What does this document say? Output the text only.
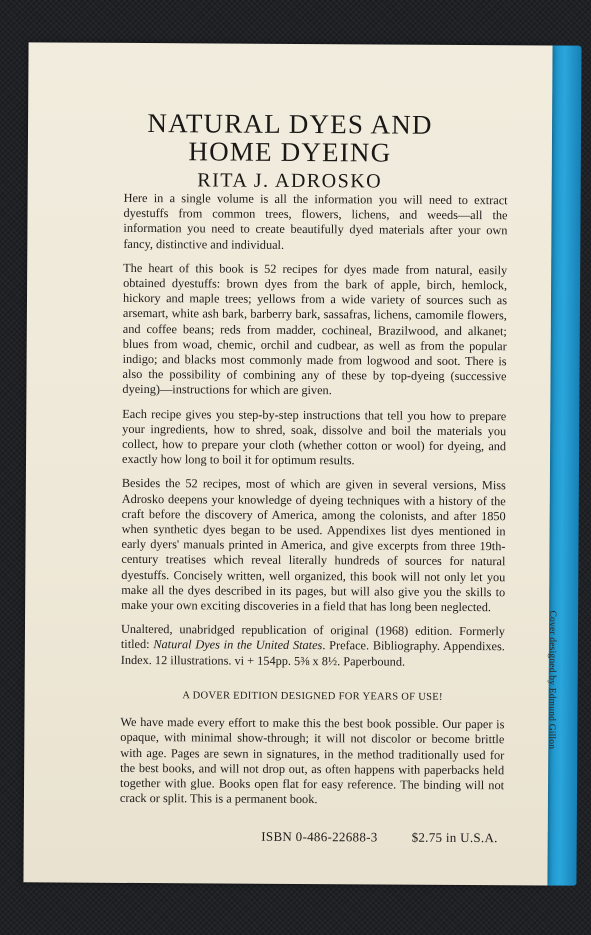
NATURAL DYES AND
HOME DYEING
RITA J. ADROSKO

Here in a single volume is all the information you will need to extract dyestuffs from common trees, flowers, lichens, and weeds—all the information you need to create beautifully dyed materials after your own fancy, distinctive and individual.

The heart of this book is 52 recipes for dyes made from natural, easily obtained dyestuffs: brown dyes from the bark of apple, birch, hemlock, hickory and maple trees; yellows from a wide variety of sources such as arsemart, white ash bark, barberry bark, sassafras, lichens, camomile flowers, and coffee beans; reds from madder, cochineal, Brazilwood, and alkanet; blues from woad, chemic, orchil and cudbear, as well as from the popular indigo; and blacks most commonly made from logwood and soot. There is also the possibility of combining any of these by top-dyeing (successive dyeing)—instructions for which are given.

Each recipe gives you step-by-step instructions that tell you how to prepare your ingredients, how to shred, soak, dissolve and boil the materials you collect, how to prepare your cloth (whether cotton or wool) for dyeing, and exactly how long to boil it for optimum results.

Besides the 52 recipes, most of which are given in several versions, Miss Adrosko deepens your knowledge of dyeing techniques with a history of the craft before the discovery of America, among the colonists, and after 1850 when synthetic dyes began to be used. Appendixes list dyes mentioned in early dyers' manuals printed in America, and give excerpts from three 19th-century treatises which reveal literally hundreds of sources for natural dyestuffs. Concisely written, well organized, this book will not only let you make all the dyes described in its pages, but will also give you the skills to make your own exciting discoveries in a field that has long been neglected.

Unaltered, unabridged republication of original (1968) edition. Formerly titled: Natural Dyes in the United States. Preface. Bibliography. Appendixes. Index. 12 illustrations. vi + 154pp. 5⅜ x 8½. Paperbound.

A DOVER EDITION DESIGNED FOR YEARS OF USE!

We have made every effort to make this the best book possible. Our paper is opaque, with minimal show-through; it will not discolor or become brittle with age. Pages are sewn in signatures, in the method traditionally used for the best books, and will not drop out, as often happens with paperbacks held together with glue. Books open flat for easy reference. The binding will not crack or split. This is a permanent book.

ISBN 0-486-22688-3	$2.75 in U.S.A.
Cover designed by Edmund Gillon
